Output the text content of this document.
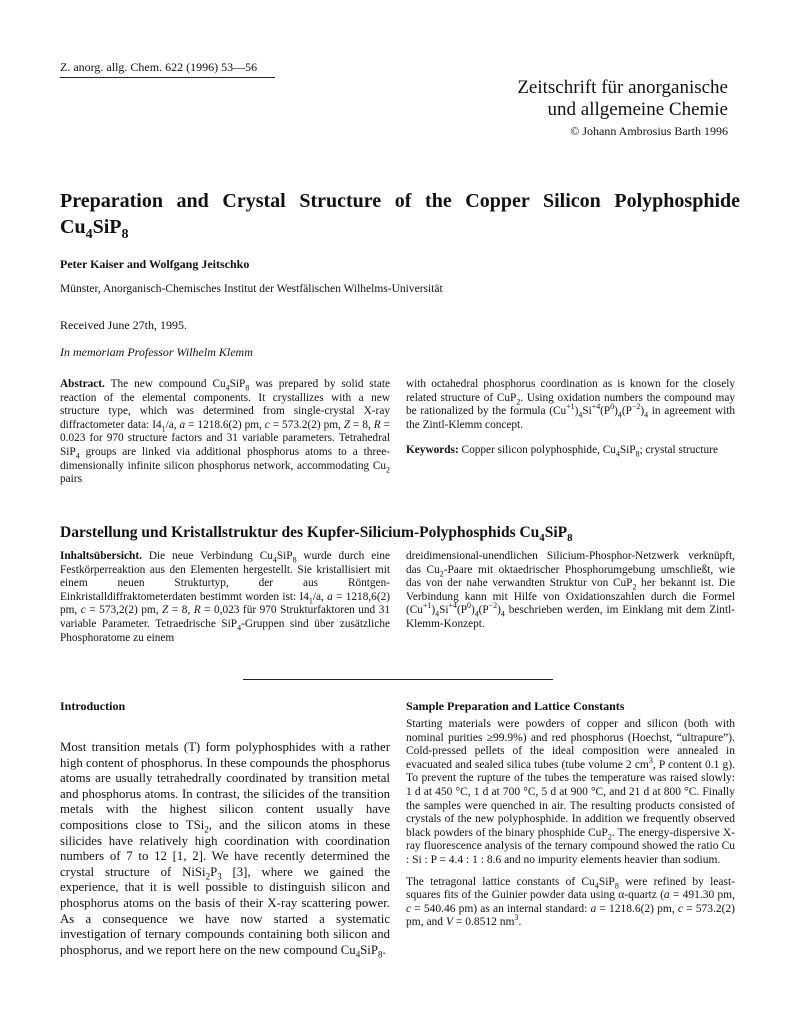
Z. anorg. allg. Chem. 622 (1996) 53—56
Zeitschrift für anorganische
und allgemeine Chemie
© Johann Ambrosius Barth 1996
Preparation and Crystal Structure of the Copper Silicon Polyphosphide $Cu_4SiP_8$
Peter Kaiser and Wolfgang Jeitschko
Münster, Anorganisch-Chemisches Institut der Westfälischen Wilhelms-Universität
Received June 27th, 1995.
In memoriam Professor Wilhelm Klemm

Abstract. The new compound $Cu_4SiP_8$ was prepared by solid state reaction of the elemental components. It crystallizes with a new structure type, which was determined from single-crystal X-ray diffractometer data: $I4_1/a$, a = 1218.6(2) pm, c = 573.2(2) pm, Z = 8, R = 0.023 for 970 structure factors and 31 variable parameters. Tetrahedral SiP$_4$ groups are linked via additional phosphorus atoms to a three-dimensionally infinite silicon phosphorus network, accommodating $Cu_2$ pairs

with octahedral phosphorus coordination as is known for the closely related structure of CuP$_2$. Using oxidation numbers the compound may be rationalized by the formula $(Cu^{+1})_4Si^{+4}(P^0)_4(P^{-2})_4$ in agreement with the Zintl-Klemm concept.

Keywords: Copper silicon polyphosphide, $Cu_4SiP_8$; crystal structure

Darstellung und Kristallstruktur des Kupfer-Silicium-Polyphosphids $Cu_4SiP_8$

Inhaltsübersicht. Die neue Verbindung $Cu_4SiP_8$ wurde durch eine Festkörperreaktion aus den Elementen hergestellt. Sie kristallisiert mit einem neuen Strukturtyp, der aus Röntgen-Einkristalldiffraktometerdaten bestimmt worden ist: $I4_1/a$, a = 1218,6(2) pm, c = 573,2(2) pm, Z = 8, R = 0,023 für 970 Strukturfaktoren und 31 variable Parameter. Tetraedrische SiP$_4$-Gruppen sind über zusätzliche Phosphoratome zu einem

dreidimensional-unendlichen Silicium-Phosphor-Netzwerk verknüpft, das $Cu_2$-Paare mit oktaedrischer Phosphorumgebung umschließt, wie das von der nahe verwandten Struktur von CuP$_2$ her bekannt ist. Die Verbindung kann mit Hilfe von Oxidationszahlen durch die Formel $(Cu^{+1})_4Si^{+4}(P^0)_4(P^{-2})_4$ beschrieben werden, im Einklang mit dem Zintl-Klemm-Konzept.

Introduction

Most transition metals (T) form polyphosphides with a rather high content of phosphorus. In these compounds the phosphorus atoms are usually tetrahedrally coordinated by transition metal and phosphorus atoms. In contrast, the silicides of the transition metals with the highest silicon content usually have compositions close to TSi$_2$, and the silicon atoms in these silicides have relatively high coordination with coordination numbers of 7 to 12 [1, 2]. We have recently determined the crystal structure of $NiSi_2P_3$ [3], where we gained the experience, that it is well possible to distinguish silicon and phosphorus atoms on the basis of their X-ray scattering power. As a consequence we have now started a systematic investigation of ternary compounds containing both silicon and phosphorus, and we report here on the new compound $Cu_4SiP_8$.

Sample Preparation and Lattice Constants

Starting materials were powders of copper and silicon (both with nominal purities ≥99.9%) and red phosphorus (Hoechst, “ultrapure”). Cold-pressed pellets of the ideal composition were annealed in evacuated and sealed silica tubes (tube volume 2 $cm^3$, P content 0.1 g). To prevent the rupture of the tubes the temperature was raised slowly: 1 d at 450 °C, 1 d at 700 °C, 5 d at 900 °C, and 21 d at 800 °C. Finally the samples were quenched in air. The resulting products consisted of crystals of the new polyphosphide. In addition we frequently observed black powders of the binary phosphide CuP$_2$. The energy-dispersive X-ray fluorescence analysis of the ternary compound showed the ratio Cu : Si : P = 4.4 : 1 : 8.6 and no impurity elements heavier than sodium.

The tetragonal lattice constants of $Cu_4SiP_8$ were refined by least-squares fits of the Guinier powder data using α-quartz (a = 491.30 pm, c = 540.46 pm) as an internal standard: a = 1218.6(2) pm, c = 573.2(2) pm, and V = 0.8512 $nm^3$.
